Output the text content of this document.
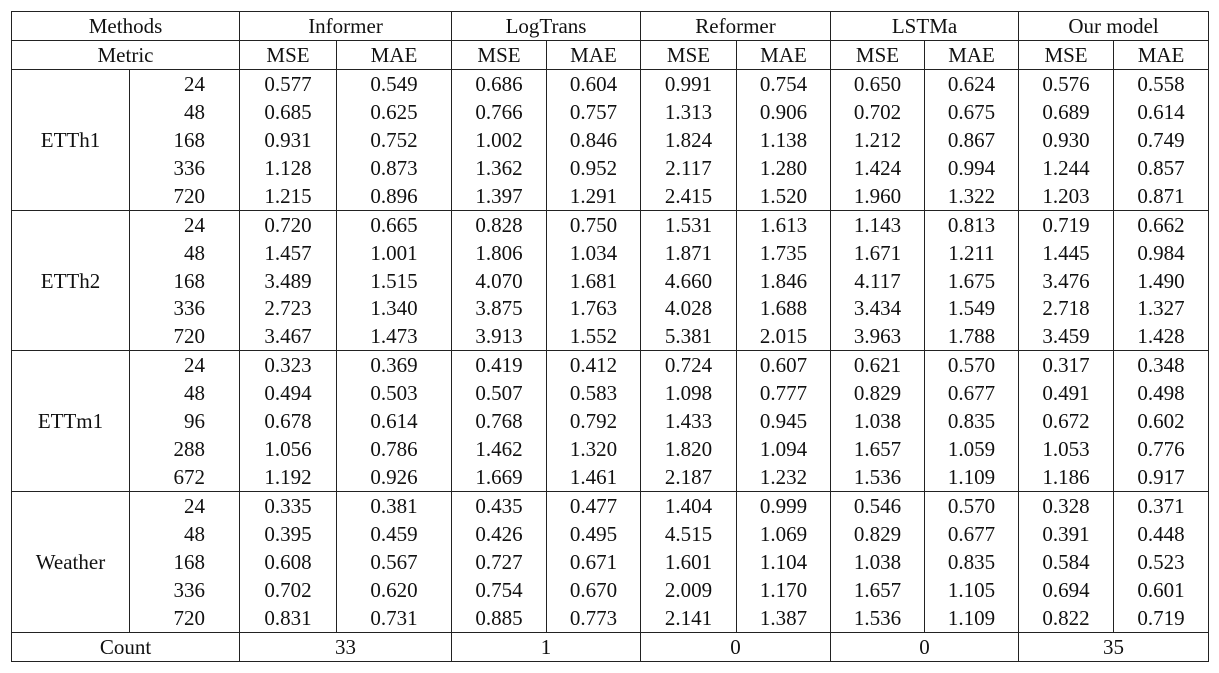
Methods		Informer		LogTrans		Reformer		LSTMa		Our model	
Metric		MSE	MAE	MSE	MAE	MSE	MAE	MSE	MAE	MSE	MAE
ETTh1	24	0.577	0.549	0.686	0.604	0.991	0.754	0.650	0.624	0.576	0.558
	48	0.685	0.625	0.766	0.757	1.313	0.906	0.702	0.675	0.689	0.614
	168	0.931	0.752	1.002	0.846	1.824	1.138	1.212	0.867	0.930	0.749
	336	1.128	0.873	1.362	0.952	2.117	1.280	1.424	0.994	1.244	0.857
	720	1.215	0.896	1.397	1.291	2.415	1.520	1.960	1.322	1.203	0.871
ETTh2	24	0.720	0.665	0.828	0.750	1.531	1.613	1.143	0.813	0.719	0.662
	48	1.457	1.001	1.806	1.034	1.871	1.735	1.671	1.211	1.445	0.984
	168	3.489	1.515	4.070	1.681	4.660	1.846	4.117	1.675	3.476	1.490
	336	2.723	1.340	3.875	1.763	4.028	1.688	3.434	1.549	2.718	1.327
	720	3.467	1.473	3.913	1.552	5.381	2.015	3.963	1.788	3.459	1.428
ETTm1	24	0.323	0.369	0.419	0.412	0.724	0.607	0.621	0.570	0.317	0.348
	48	0.494	0.503	0.507	0.583	1.098	0.777	0.829	0.677	0.491	0.498
	96	0.678	0.614	0.768	0.792	1.433	0.945	1.038	0.835	0.672	0.602
	288	1.056	0.786	1.462	1.320	1.820	1.094	1.657	1.059	1.053	0.776
	672	1.192	0.926	1.669	1.461	2.187	1.232	1.536	1.109	1.186	0.917
Weather	24	0.335	0.381	0.435	0.477	1.404	0.999	0.546	0.570	0.328	0.371
	48	0.395	0.459	0.426	0.495	4.515	1.069	0.829	0.677	0.391	0.448
	168	0.608	0.567	0.727	0.671	1.601	1.104	1.038	0.835	0.584	0.523
	336	0.702	0.620	0.754	0.670	2.009	1.170	1.657	1.105	0.694	0.601
	720	0.831	0.731	0.885	0.773	2.141	1.387	1.536	1.109	0.822	0.719
Count		33		1		0		0		35	
